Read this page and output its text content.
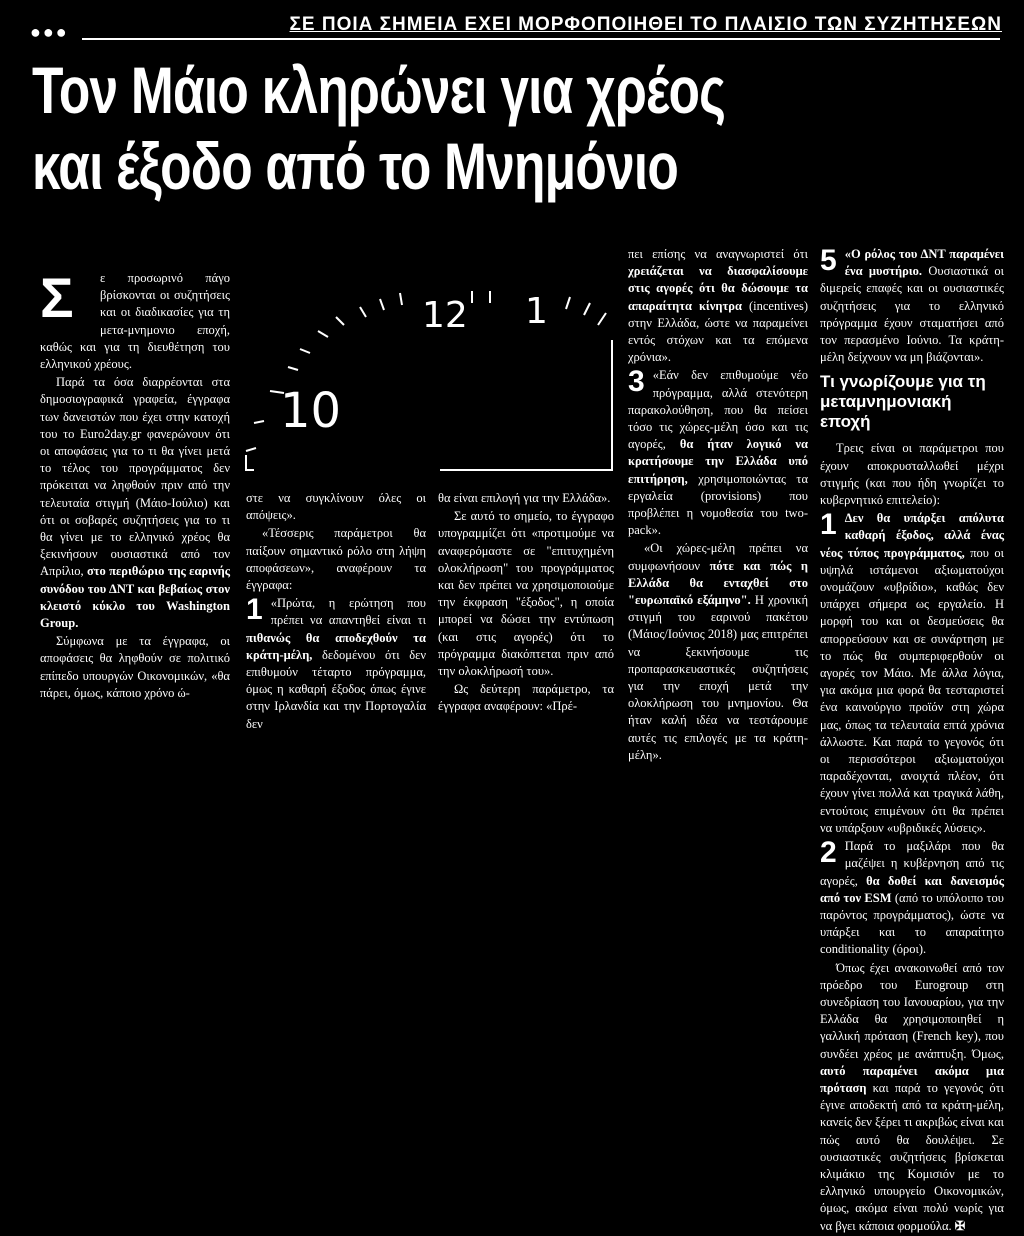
●●●	ΣΕ ΠΟΙΑ ΣΗΜΕΙΑ ΕΧΕΙ ΜΟΡΦΟΠΟΙΗΘΕΙ ΤΟ ΠΛΑΙΣΙΟ ΤΩΝ ΣΥΖΗΤΗΣΕΩΝ
Τον Μάιο κληρώνει για χρέος
και έξοδο από το Μνημόνιο
12 1
10

Σ	ε προσωρινό πάγο βρίσκονται οι συζητήσεις και οι διαδικασίες για τη μετα-μνημονιο εποχή, καθώς και για τη διευθέτηση του ελληνικού χρέους.

Παρά τα όσα διαρρέονται στα δημοσιογραφικά γραφεία, έγγραφα των δανειστών που έχει στην κατοχή του το Euro2day.gr φανερώνουν ότι οι αποφάσεις για το τι θα γίνει μετά το τέλος του προγράμματος δεν πρόκειται να ληφθούν πριν από την τελευταία στιγμή (Μάιο-Ιούλιο) και ότι οι σοβαρές συζητήσεις για το τι θα γίνει με το ελληνικό χρέος θα ξεκινήσουν ουσιαστικά από τον Απρίλιο, στο περιθώριο της εαρινής συνόδου του ΔΝΤ και βεβαίως στον κλειστό κύκλο του Washington Group.

Σύμφωνα με τα έγγραφα, οι αποφάσεις θα ληφθούν σε πολιτικό επίπεδο υπουργών Οικονομικών, «θα πάρει, όμως, κάποιο χρόνο ώ-

στε να συγκλίνουν όλες οι απόψεις».

«Τέσσερις παράμετροι θα παίξουν σημαντικό ρόλο στη λήψη αποφάσεων», αναφέρουν τα έγγραφα:

1 «Πρώτα, η ερώτηση που πρέπει να απαντηθεί είναι τι πιθανώς θα αποδεχθούν τα κράτη-μέλη, δεδομένου ότι δεν επιθυμούν τέταρτο πρόγραμμα, όμως η καθαρή έξοδος όπως έγινε στην Ιρλανδία και την Πορτογαλία δεν

θα είναι επιλογή για την Ελλάδα».

Σε αυτό το σημείο, το έγγραφο υπογραμμίζει ότι «προτιμούμε να αναφερόμαστε σε "επιτυχημένη ολοκλήρωση" του προγράμματος και δεν πρέπει να χρησιμοποιούμε την έκφραση "έξοδος", η οποία μπορεί να δώσει την εντύπωση (και στις αγορές) ότι το πρόγραμμα διακόπτεται πριν από την ολοκλήρωσή του».

Ως δεύτερη παράμετρο, τα έγγραφα αναφέρουν: «Πρέ-

πει επίσης να αναγνωριστεί ότι χρειάζεται να διασφαλίσουμε στις αγορές ότι θα δώσουμε τα απαραίτητα κίνητρα (incentives) στην Ελλάδα, ώστε να παραμείνει εντός στόχων και τα επόμενα χρόνια».

3 «Εάν δεν επιθυμούμε νέο πρόγραμμα, αλλά στενότερη παρακολούθηση, που θα πείσει τόσο τις χώρες-μέλη όσο και τις αγορές, θα ήταν λογικό να κρατήσουμε την Ελλάδα υπό επιτήρηση, χρησιμοποιώντας τα εργαλεία (provisions) που προβλέπει η νομοθεσία του two-pack».

«Οι χώρες-μέλη πρέπει να συμφωνήσουν πότε και πώς η Ελλάδα θα ενταχθεί στο "ευρωπαϊκό εξάμηνο". Η χρονική στιγμή του εαρινού πακέτου (Μάιος/Ιούνιος 2018) μας επιτρέπει να ξεκινήσουμε τις προπαρασκευαστικές συζητήσεις για την εποχή μετά την ολοκλήρωση του μνημονίου. Θα ήταν καλή ιδέα να τεστάρουμε αυτές τις επιλογές με τα κράτη-μέλη».

5 «Ο ρόλος του ΔΝΤ παραμένει ένα μυστήριο. Ουσιαστικά οι διμερείς επαφές και οι ουσιαστικές συζητήσεις για το ελληνικό πρόγραμμα έχουν σταματήσει από τον περασμένο Ιούνιο. Τα κράτη-μέλη δείχνουν να μη βιάζονται».

Τι γνωρίζουμε για τη μεταμνημονιακή εποχή

Τρεις είναι οι παράμετροι που έχουν αποκρυσταλλωθεί μέχρι στιγμής (και που ήδη γνωρίζει το κυβερνητικό επιτελείο):

1 Δεν θα υπάρξει απόλυτα καθαρή έξοδος, αλλά ένας νέος τύπος προγράμματος, που οι υψηλά ιστάμενοι αξιωματούχοι ονομάζουν «υβρίδιο», καθώς δεν υπάρχει σήμερα ως εργαλείο. Η μορφή του και οι δεσμεύσεις θα απορρεύσουν και σε συνάρτηση με το πώς θα συμπεριφερθούν οι αγορές τον Μάιο. Με άλλα λόγια, για ακόμα μια φορά θα τεσταριστεί ένα καινούργιο προϊόν στη χώρα μας, όπως τα τελευταία επτά χρόνια άλλωστε. Και παρά το γεγονός ότι οι περισσότεροι αξιωματούχοι παραδέχονται, ανοιχτά πλέον, ότι έχουν γίνει πολλά και τραγικά λάθη, εντούτοις επιμένουν ότι θα πρέπει να υπάρξουν «υβριδικές λύσεις».

2 Παρά το μαξιλάρι που θα μαζέψει η κυβέρνηση από τις αγορές, θα δοθεί και δανεισμός από τον ESM (από το υπόλοιπο του παρόντος προγράμματος), ώστε να υπάρξει και το απαραίτητο conditionality (όροι).

Όπως έχει ανακοινωθεί από τον πρόεδρο του Eurogroup στη συνεδρίαση του Ιανουαρίου, για την Ελλάδα θα χρησιμοποιηθεί η γαλλική πρόταση (French key), που συνδέει χρέος με ανάπτυξη. Όμως, αυτό παραμένει ακόμα μια πρόταση και παρά το γεγονός ότι έγινε αποδεκτή από τα κράτη-μέλη, κανείς δεν ξέρει τι ακριβώς είναι και πώς αυτό θα δουλέψει. Σε ουσιαστικές συζητήσεις βρίσκεται κλιμάκιο της Κομισιόν με το ελληνικό υπουργείο Οικονομικών, όμως, ακόμα είναι πολύ νωρίς για να βγει κάποια φορμούλα. ✠
